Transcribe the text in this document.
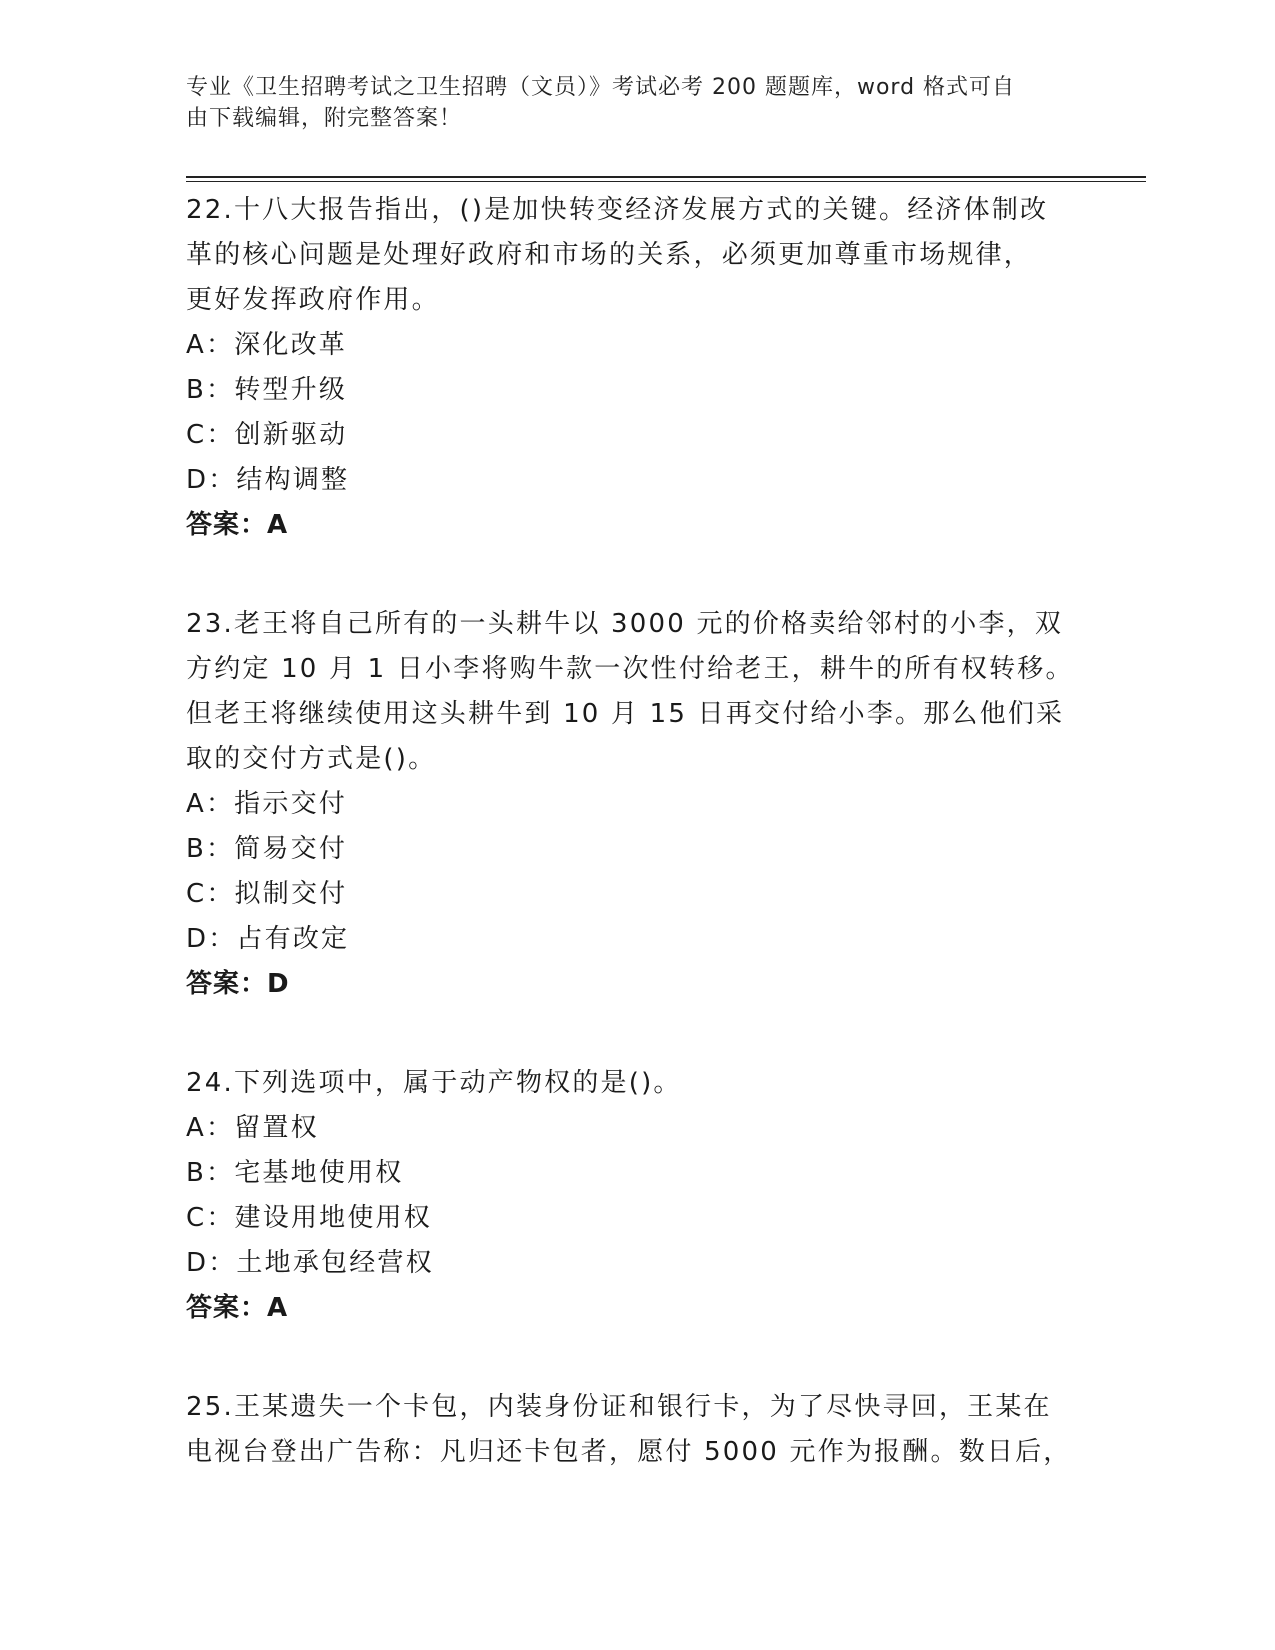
专业《卫生招聘考试之卫生招聘（文员）》考试必考 200 题题库，word 格式可自
由下载编辑，附完整答案！

22.十八大报告指出，()是加快转变经济发展方式的关键。经济体制改

革的核心问题是处理好政府和市场的关系，必须更加尊重市场规律，

更好发挥政府作用。

A：深化改革

B：转型升级

C：创新驱动

D：结构调整

答案：A

23.老王将自己所有的一头耕牛以 3000 元的价格卖给邻村的小李，双

方约定 10 月 1 日小李将购牛款一次性付给老王，耕牛的所有权转移。

但老王将继续使用这头耕牛到 10 月 15 日再交付给小李。那么他们采

取的交付方式是()。

A：指示交付

B：简易交付

C：拟制交付

D：占有改定

答案：D

24.下列选项中，属于动产物权的是()。

A：留置权

B：宅基地使用权

C：建设用地使用权

D：土地承包经营权

答案：A

25.王某遗失一个卡包，内装身份证和银行卡，为了尽快寻回，王某在

电视台登出广告称：凡归还卡包者，愿付 5000 元作为报酬。数日后，
